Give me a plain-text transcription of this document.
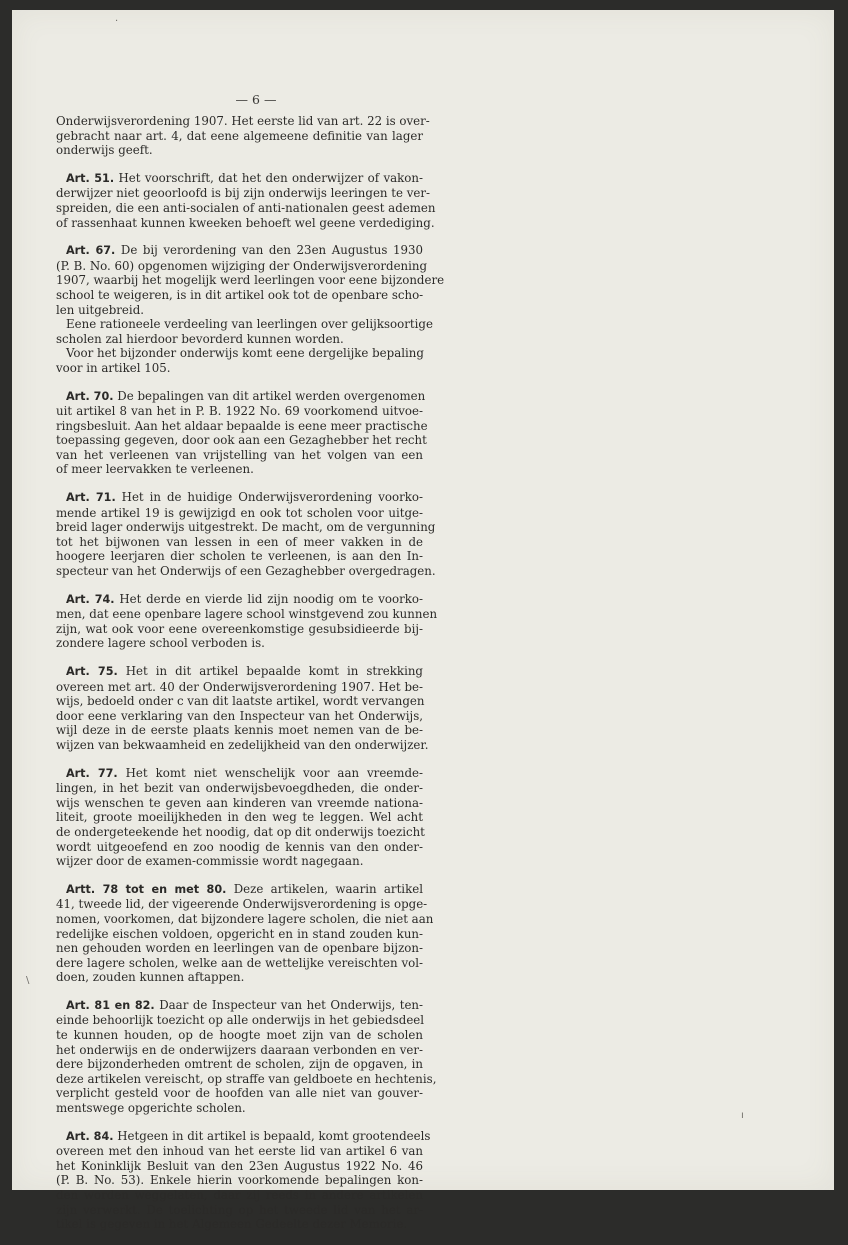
— 6 —
Onderwijsverordening 1907. Het eerste lid van art. 22 is over-
gebracht naar art. 4, dat eene algemeene definitie van lager
onderwijs geeft.
Art. 51. Het voorschrift, dat het den onderwijzer of vakon-
derwijzer niet geoorloofd is bij zijn onderwijs leeringen te ver-
spreiden, die een anti-socialen of anti-nationalen geest ademen
of rassenhaat kunnen kweeken behoeft wel geene verdediging.
Art. 67. De bij verordening van den 23en Augustus 1930
(P. B. No. 60) opgenomen wijziging der Onderwijsverordening
1907, waarbij het mogelijk werd leerlingen voor eene bijzondere
school te weigeren, is in dit artikel ook tot de openbare scho-
len uitgebreid.
Eene rationeele verdeeling van leerlingen over gelijksoortige
scholen zal hierdoor bevorderd kunnen worden.
Voor het bijzonder onderwijs komt eene dergelijke bepaling
voor in artikel 105.
Art. 70. De bepalingen van dit artikel werden overgenomen
uit artikel 8 van het in P. B. 1922 No. 69 voorkomend uitvoe-
ringsbesluit. Aan het aldaar bepaalde is eene meer practische
toepassing gegeven, door ook aan een Gezaghebber het recht
van het verleenen van vrijstelling van het volgen van een
of meer leervakken te verleenen.
Art. 71. Het in de huidige Onderwijsverordening voorko-
mende artikel 19 is gewijzigd en ook tot scholen voor uitge-
breid lager onderwijs uitgestrekt. De macht, om de vergunning
tot het bijwonen van lessen in een of meer vakken in de
hoogere leerjaren dier scholen te verleenen, is aan den In-
specteur van het Onderwijs of een Gezaghebber overgedragen.
Art. 74. Het derde en vierde lid zijn noodig om te voorko-
men, dat eene openbare lagere school winstgevend zou kunnen
zijn, wat ook voor eene overeenkomstige gesubsidieerde bij-
zondere lagere school verboden is.
Art. 75. Het in dit artikel bepaalde komt in strekking
overeen met art. 40 der Onderwijsverordening 1907. Het be-
wijs, bedoeld onder c van dit laatste artikel, wordt vervangen
door eene verklaring van den Inspecteur van het Onderwijs,
wijl deze in de eerste plaats kennis moet nemen van de be-
wijzen van bekwaamheid en zedelijkheid van den onderwijzer.
Art. 77. Het komt niet wenschelijk voor aan vreemde-
lingen, in het bezit van onderwijsbevoegdheden, die onder-
wijs wenschen te geven aan kinderen van vreemde nationa-
liteit, groote moeilijkheden in den weg te leggen. Wel acht
de ondergeteekende het noodig, dat op dit onderwijs toezicht
wordt uitgeoefend en zoo noodig de kennis van den onder-
wijzer door de examen-commissie wordt nagegaan.
Artt. 78 tot en met 80. Deze artikelen, waarin artikel
41, tweede lid, der vigeerende Onderwijsverordening is opge-
nomen, voorkomen, dat bijzondere lagere scholen, die niet aan
redelijke eischen voldoen, opgericht en in stand zouden kun-
nen gehouden worden en leerlingen van de openbare bijzon-
dere lagere scholen, welke aan de wettelijke vereischten vol-
doen, zouden kunnen aftappen.
Art. 81 en 82. Daar de Inspecteur van het Onderwijs, ten-
einde behoorlijk toezicht op alle onderwijs in het gebiedsdeel
te kunnen houden, op de hoogte moet zijn van de scholen
het onderwijs en de onderwijzers daaraan verbonden en ver-
dere bijzonderheden omtrent de scholen, zijn de opgaven, in
deze artikelen vereischt, op straffe van geldboete en hechtenis,
verplicht gesteld voor de hoofden van alle niet van gouver-
mentswege opgerichte scholen.
Art. 84. Hetgeen in dit artikel is bepaald, komt grootendeels
overeen met den inhoud van het eerste lid van artikel 6 van
het Koninklijk Besluit van den 23en Augustus 1922 No. 46
(P. B. No. 53). Enkele hierin voorkomende bepalingen kon-
den worden weggelaten, daar zij reeds in andere artikelen
zijn verwerkt. De toelichting op het tweede lid van het ar-
tikel is gegeven in het Algemeen Gedeelte dezer Memorie.
·
\
ı
